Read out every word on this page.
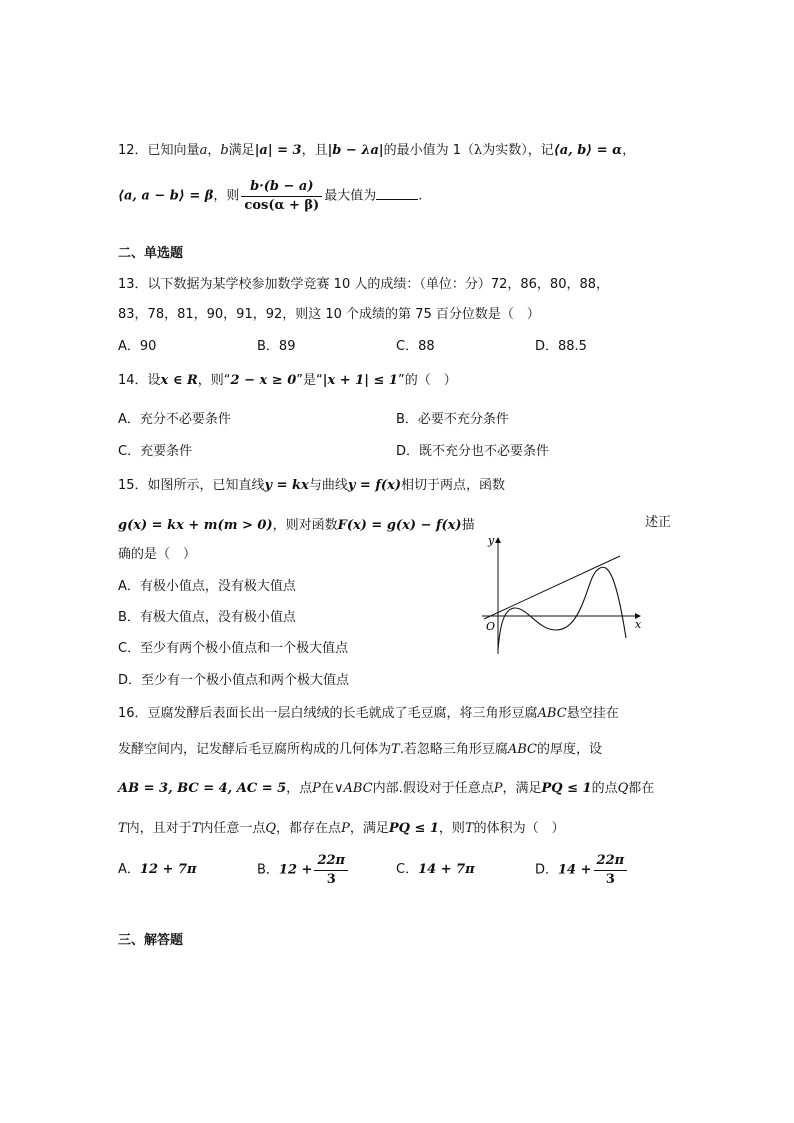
12．已知向量a，b满足|a| = 3，且|b − λa|的最小值为 1（λ为实数），记⟨a, b⟩ = α，
⟨a, a − b⟩ = β，则 $\frac{b\cdot(b - a)}{\cos(\alpha + \beta)}$ 最大值为	.
二、单选题
13．以下数据为某学校参加数学竞赛 10 人的成绩：（单位：分）72，86，80，88，
83，78，81，90，91，92，则这 10 个成绩的第 75 百分位数是（　）
A．90	B．89	C．88	D．88.5
14．设x ∈ R，则“2 − x ≥ 0”是“|x + 1| ≤ 1”的（　）
A．充分不必要条件	B．必要不充分条件
C．充要条件	D．既不充分也不必要条件
15．如图所示，已知直线y = kx与曲线y = f(x)相切于两点，函数
g(x) = kx + m(m > 0)，则对函数F(x) = g(x) − f(x)描	述正
确的是（　）
A．有极小值点，没有极大值点
B．有极大值点，没有极小值点
C．至少有两个极小值点和一个极大值点
D．至少有一个极小值点和两个极大值点
y
x
O
16．豆腐发酵后表面长出一层白绒绒的长毛就成了毛豆腐，将三角形豆腐ABC悬空挂在
发酵空间内，记发酵后毛豆腐所构成的几何体为T.若忽略三角形豆腐ABC的厚度，设
AB = 3, BC = 4, AC = 5，点P在∨ABC内部.假设对于任意点P，满足PQ ≤ 1的点Q都在
T内，且对于T内任意一点Q，都存在点P，满足PQ ≤ 1，则T的体积为（　）
A．12 + 7π	B．$12 + \frac{22\pi}{3}$	C．14 + 7π	D．$14 + \frac{22\pi}{3}$
三、解答题
